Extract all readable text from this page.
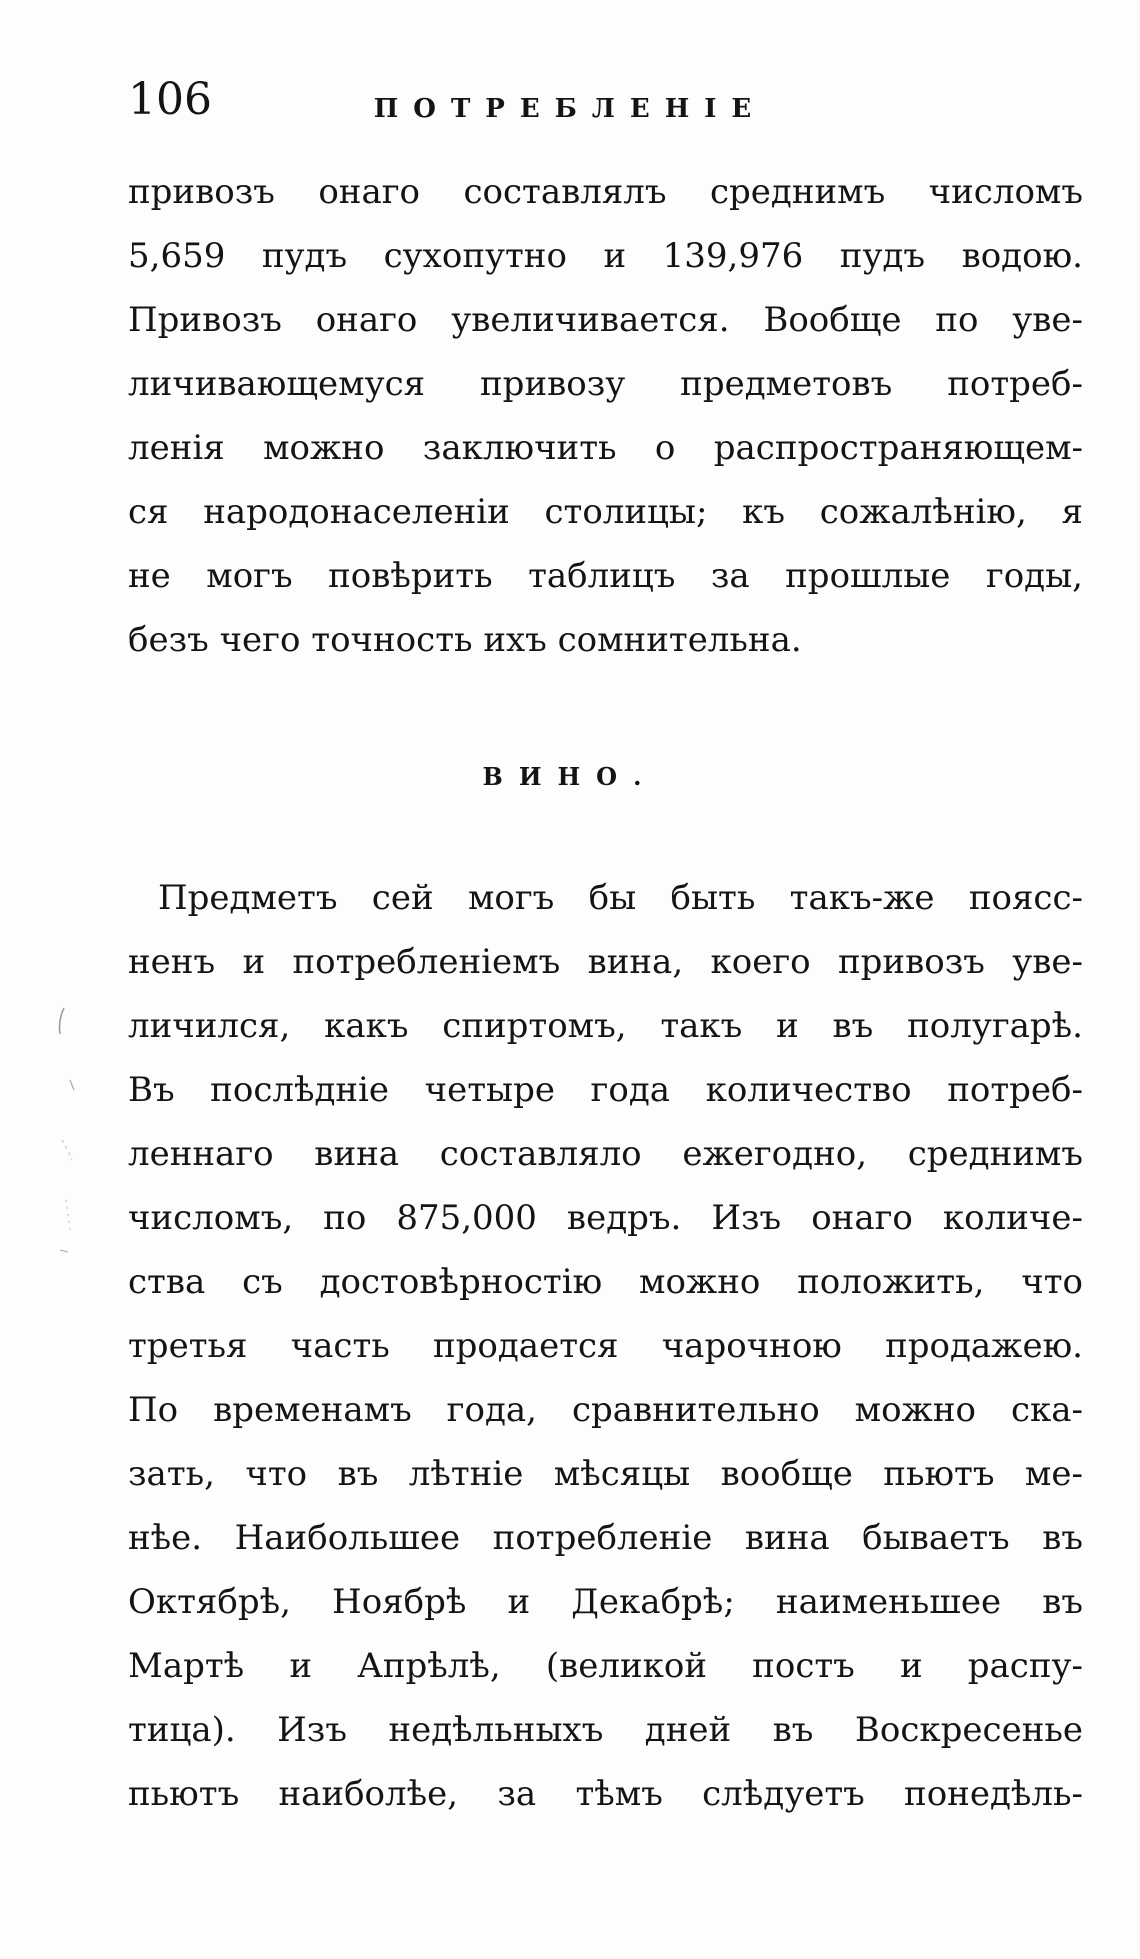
106	ПОТРЕБЛЕНIЕ
привозъ онаго составлялъ среднимъ числомъ
5,659 пудъ сухопутно и 139,976 пудъ водою.
Привозъ онаго увеличивается. Вообще по уве-
личивающемуся привозу предметовъ потреб-
ленія можно заключить о распространяющем-
ся народонаселеніи столицы; къ сожалѣнію, я
не могъ повѣрить таблицъ за прошлые годы,
безъ чего точность ихъ сомнительна.
ВИНО.
Предметъ сей могъ бы быть такъ-же поясс-
ненъ и потребленіемъ вина, коего привозъ уве-
личился, какъ спиртомъ, такъ и въ полугарѣ.
Въ послѣдніе четыре года количество потреб-
леннаго вина составляло ежегодно, среднимъ
числомъ, по 875,000 ведръ. Изъ онаго количе-
ства съ достовѣрностію можно положить, что
третья часть продается чарочною продажею.
По временамъ года, сравнительно можно ска-
зать, что въ лѣтніе мѣсяцы вообще пьютъ ме-
нѣе. Наибольшее потребленіе вина бываетъ въ
Октябрѣ, Ноябрѣ и Декабрѣ; наименьшее въ
Мартѣ и Апрѣлѣ, (великой постъ и распу-
тица). Изъ недѣльныхъ дней въ Воскресенье
пьютъ наиболѣе, за тѣмъ слѣдуетъ понедѣль-
